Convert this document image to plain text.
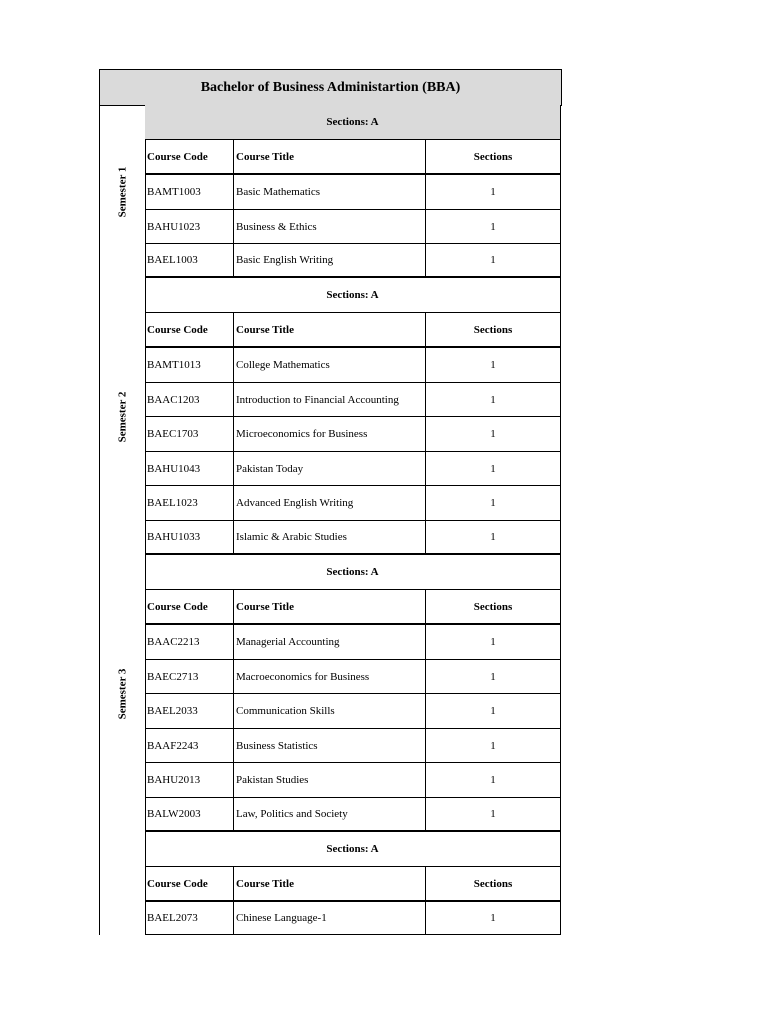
Bachelor of Business Administartion (BBA)
Semester 1
Sections: A
Course Code	Course Title	Sections
BAMT1003	Basic Mathematics	1
BAHU1023	Business & Ethics	1
BAEL1003	Basic English Writing	1
Semester 2
Sections: A
Course Code	Course Title	Sections
BAMT1013	College Mathematics	1
BAAC1203	Introduction to Financial Accounting	1
BAEC1703	Microeconomics for Business	1
BAHU1043	Pakistan Today	1
BAEL1023	Advanced English Writing	1
BAHU1033	Islamic & Arabic Studies	1
Semester 3
Sections: A
Course Code	Course Title	Sections
BAAC2213	Managerial Accounting	1
BAEC2713	Macroeconomics for Business	1
BAEL2033	Communication Skills	1
BAAF2243	Business Statistics	1
BAHU2013	Pakistan Studies	1
BALW2003	Law, Politics and Society	1
Sections: A
Course Code	Course Title	Sections
BAEL2073	Chinese Language-1	1
